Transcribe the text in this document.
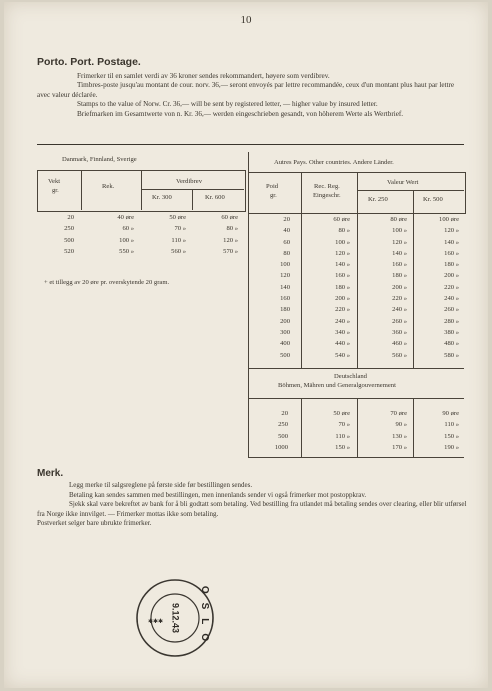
10
Porto. Port. Postage.

Frimerker til en samlet verdi av 36 kroner sendes rekommandert, høyere som verdibrev.

Timbres-poste jusqu'au montant de cour. norv. 36,— seront envoyés par lettre recommandée, ceux d'un montant plus haut par lettre avec valeur déclarée.

Stamps to the value of Norw. Cr. 36,— will be sent by registered letter, — higher value by insured letter.

Briefmarken im Gesamtwerte von n. Kr. 36,— werden eingeschrieben gesandt, von höherem Werte als Wertbrief.

Danmark, Finnland, Sverige
Vekt
gr.
Rek.
Verdibrev
Kr. 300	Kr. 600
20
250
500
520
40 øre
60 »
100 »
550 »
50 øre
70 »
110 »
560 »
60 øre
80 »
120 »
570 »
+ et tillegg av 20 øre pr. overskytende 20 gram.
Autres Pays. Other countries. Andere Länder.
Poid
gr.
Rec. Reg.
Eingeschr.
Valeur Wert
Kr. 250	Kr. 500
20
40
60
80
100
120
140
160
180
200
300
400
500
60 øre
80 »
100 »
120 »
140 »
160 »
180 »
200 »
220 »
240 »
340 »
440 »
540 »
80 øre
100 »
120 »
140 »
160 »
180 »
200 »
220 »
240 »
260 »
360 »
460 »
560 »
100 øre
120 »
140 »
160 »
180 »
200 »
220 »
240 »
260 »
280 »
380 »
480 »
580 »
Deutschland
Böhmen, Mähren und Generalgouvernement
20
250
500
1000
50 øre
70 »
110 »
150 »
70 øre
90 »
130 »
170 »
90 øre
110 »
150 »
190 »
Merk.

Legg merke til salgsreglene på første side før bestillingen sendes.

Betaling kan sendes sammen med bestillingen, men innenlands sender vi også frimerker mot postoppkrav.

Sjekk skal være bekreftet av bank for å bli godtatt som betaling. Ved bestilling fra utlandet må betaling sendes over clearing, eller blir utførsel fra Norge ikke innvilget. — Frimerker mottas ikke som betaling.

Postverket selger bare ubrukte frimerker.

9.12.43 OSLO
✱✱✱
